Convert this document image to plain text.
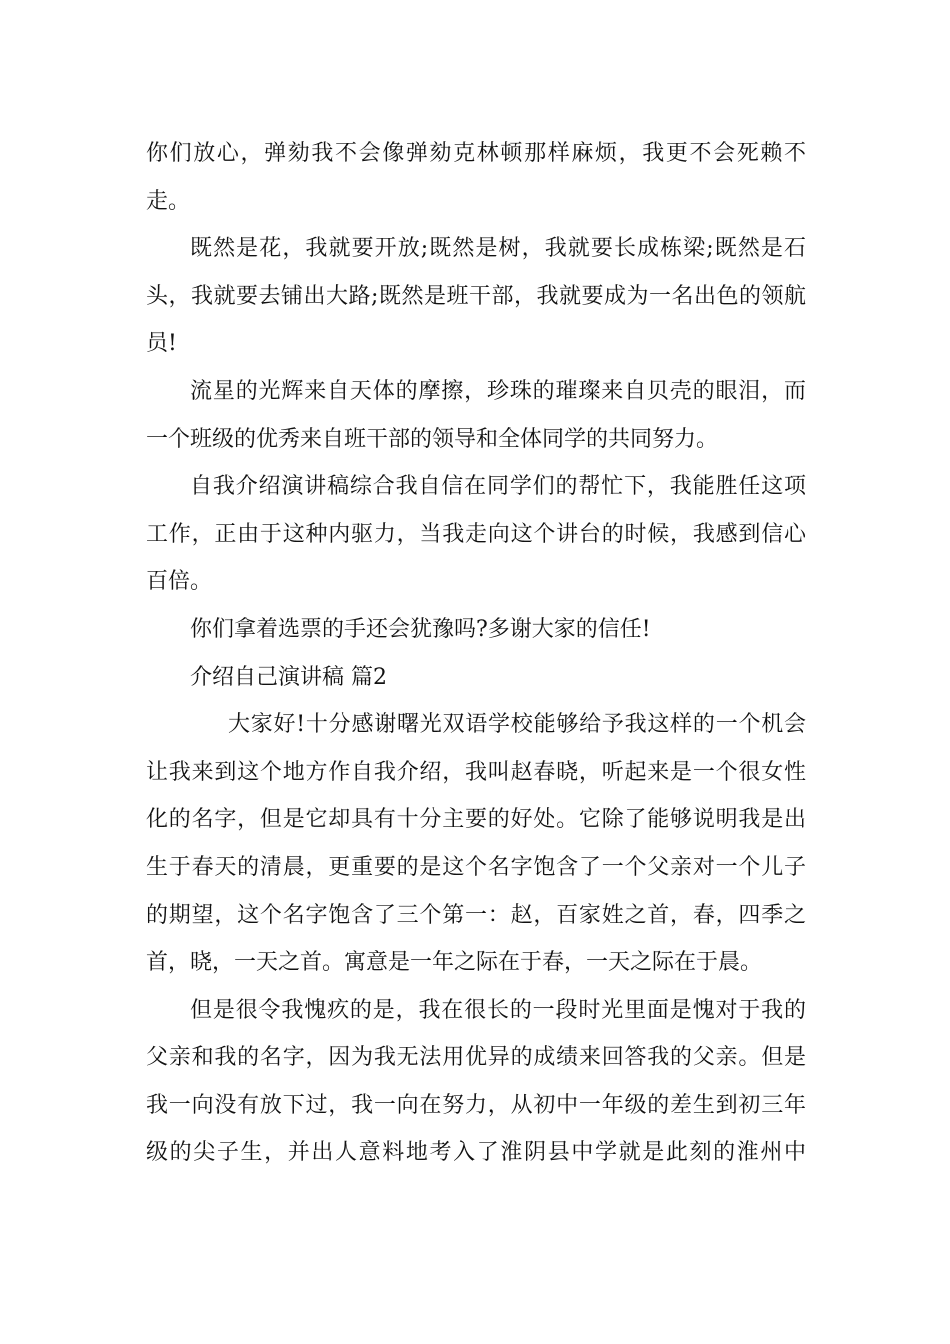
你们放心，弹劾我不会像弹劾克林顿那样麻烦，我更不会死赖不
走。
既然是花，我就要开放;既然是树，我就要长成栋梁;既然是石
头，我就要去铺出大路;既然是班干部，我就要成为一名出色的领航
员!
流星的光辉来自天体的摩擦，珍珠的璀璨来自贝壳的眼泪，而
一个班级的优秀来自班干部的领导和全体同学的共同努力。
自我介绍演讲稿综合我自信在同学们的帮忙下，我能胜任这项
工作，正由于这种内驱力，当我走向这个讲台的时候，我感到信心
百倍。
你们拿着选票的手还会犹豫吗?多谢大家的信任!
介绍自己演讲稿 篇2
大家好!十分感谢曙光双语学校能够给予我这样的一个机会
让我来到这个地方作自我介绍，我叫赵春晓，听起来是一个很女性
化的名字，但是它却具有十分主要的好处。它除了能够说明我是出
生于春天的清晨，更重要的是这个名字饱含了一个父亲对一个儿子
的期望，这个名字饱含了三个第一：赵，百家姓之首，春，四季之
首，晓，一天之首。寓意是一年之际在于春，一天之际在于晨。
但是很令我愧疚的是，我在很长的一段时光里面是愧对于我的
父亲和我的名字，因为我无法用优异的成绩来回答我的父亲。但是
我一向没有放下过，我一向在努力，从初中一年级的差生到初三年
级的尖子生，并出人意料地考入了淮阴县中学就是此刻的淮州中
